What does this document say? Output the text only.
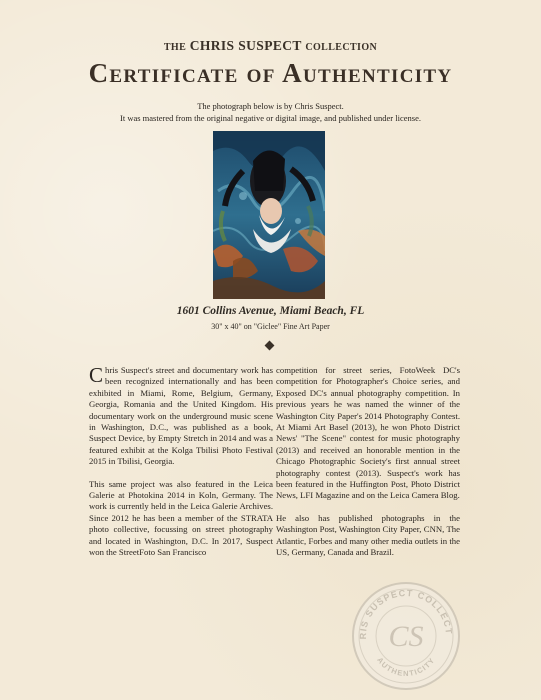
THE CHRIS SUSPECT COLLECTION
Certificate of Authenticity
The photograph below is by Chris Suspect.
It was mastered from the original negative or digital image, and published under license.
1601 Collins Avenue, Miami Beach, FL
30" x 40" on "Giclee" Fine Art Paper

Chris Suspect's street and documentary work has been recognized internationally and has been exhibited in Miami, Rome, Belgium, Germany, Georgia, Romania and the United Kingdom. His documentary work on the underground music scene in Washington, D.C., was published as a book, Suspect Device, by Empty Stretch in 2014 and was a featured exhibit at the Kolga Tbilisi Photo Festival 2015 in Tbilisi, Georgia.

This same project was also featured in the Leica Galerie at Photokina 2014 in Koln, Germany. The work is currently held in the Leica Galerie Archives. Since 2012 he has been a member of the STRATA photo collective, focussing on street photography and located in Washington, D.C. In 2017, Suspect won the StreetFoto San Francisco

competition for street series, FotoWeek DC's competition for Photographer's Choice series, and Exposed DC's annual photography competition. In previous years he was named the winner of the Washington City Paper's 2014 Photography Contest. At Miami Art Basel (2013), he won Photo District News' "The Scene" contest for music photography (2013) and received an honorable mention in the Chicago Photographic Society's first annual street photography contest (2013). Suspect's work has been featured in the Huffington Post, Photo District News, LFI Magazine and on the Leica Camera Blog.

He also has published photographs in the Washington Post, Washington City Paper, CNN, The Atlantic, Forbes and many other media outlets in the US, Germany, Canada and Brazil.

RIS SUSPECT COLLECT
AUTHENTICITY
CS
